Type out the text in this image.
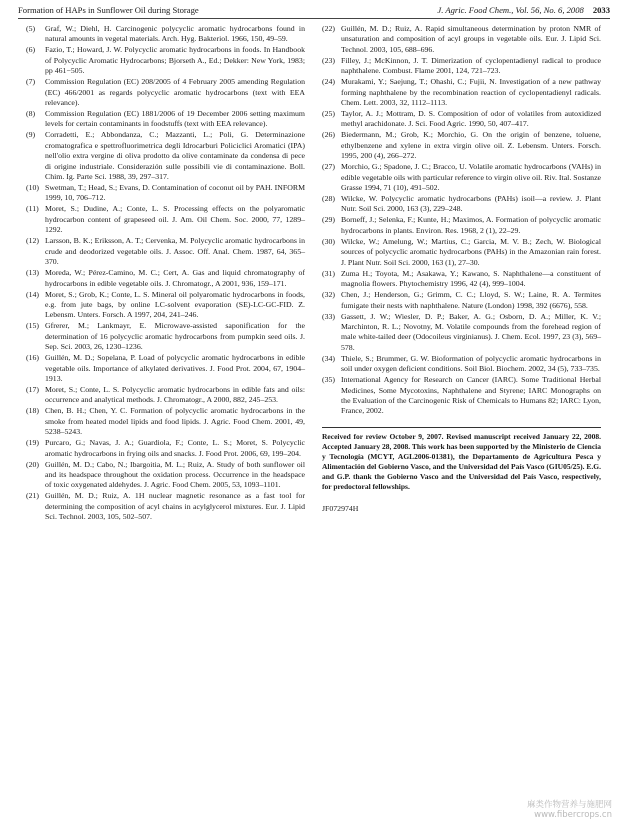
Formation of HAPs in Sunflower Oil during Storage	J. Agric. Food Chem., Vol. 56, No. 6, 2008 2033
(5) Graf, W.; Diehl, H. Carcinogenic polycyclic aromatic hydrocarbons found in natural amounts in vegetal materials. Arch. Hyg. Bakteriol. 1966, 150, 49–59.
(6) Fazio, T.; Howard, J. W. Polycyclic aromatic hydrocarbons in foods. In Handbook of Polycyclic Aromatic Hydrocarbons; Bjorseth A., Ed.; Dekker: New York, 1983; pp 461−505.
(7) Commission Regulation (EC) 208/2005 of 4 February 2005 amending Regulation (EC) 466/2001 as regards polycyclic aromatic hydrocarbons (text with EEA relevance).
(8) Commission Regulation (EC) 1881/2006 of 19 December 2006 setting maximum levels for certain contaminants in foodstuffs (text with EEA relevance).
(9) Corradetti, E.; Abbondanza, C.; Mazzanti, L.; Poli, G. Determinazione cromatografica e spettrofluorimetrica degli Idrocarburi Policiclici Aromatici (IPA) nell'olio extra vergine di oliva prodotto da olive contaminate da condensa di pece di origine industriale. Considerazión sulle possibili vie di contaminazione. Boll. Chim. Ig. Parte Sci. 1988, 39, 297–317.
(10) Swetman, T.; Head, S.; Evans, D. Contamination of coconut oil by PAH. INFORM 1999, 10, 706–712.
(11) Moret, S.; Dudine, A.; Conte, L. S. Processing effects on the polyaromatic hydrocarbon content of grapeseed oil. J. Am. Oil Chem. Soc. 2000, 77, 1289–1292.
(12) Larsson, B. K.; Eriksson, A. T.; Cervenka, M. Polycyclic aromatic hydrocarbons in crude and deodorized vegetable oils. J. Assoc. Off. Anal. Chem. 1987, 64, 365–370.
(13) Moreda, W.; Pérez-Camino, M. C.; Cert, A. Gas and liquid chromatography of hydrocarbons in edible vegetable oils. J. Chromatogr., A 2001, 936, 159–171.
(14) Moret, S.; Grob, K.; Conte, L. S. Mineral oil polyaromatic hydrocarbons in foods, e.g. from jute bags, by online LC-solvent evaporation (SE)-LC-GC-FID. Z. Lebensm. Unters. Forsch. A 1997, 204, 241–246.
(15) Gfrerer, M.; Lankmayr, E. Microwave-assisted saponification for the determination of 16 polycyclic aromatic hydrocarbons from pumpkin seed oils. J. Sep. Sci. 2003, 26, 1230–1236.
(16) Guillén, M. D.; Sopelana, P. Load of polycyclic aromatic hydrocarbons in edible vegetable oils. Importance of alkylated derivatives. J. Food Prot. 2004, 67, 1904–1913.
(17) Moret, S.; Conte, L. S. Polycyclic aromatic hydrocarbons in edible fats and oils: occurrence and analytical methods. J. Chromatogr., A 2000, 882, 245–253.
(18) Chen, B. H.; Chen, Y. C. Formation of polycyclic aromatic hydrocarbons in the smoke from heated model lipids and food lipids. J. Agric. Food Chem. 2001, 49, 5238–5243.
(19) Purcaro, G.; Navas, J. A.; Guardiola, F.; Conte, L. S.; Moret, S. Polycyclic aromatic hydrocarbons in frying oils and snacks. J. Food Prot. 2006, 69, 199–204.
(20) Guillén, M. D.; Cabo, N.; Ibargoitia, M. L.; Ruiz, A. Study of both sunflower oil and its headspace throughout the oxidation process. Occurrence in the headspace of toxic oxygenated aldehydes. J. Agric. Food Chem. 2005, 53, 1093–1101.
(21) Guillén, M. D.; Ruiz, A. 1H nuclear magnetic resonance as a fast tool for determining the composition of acyl chains in acylglycerol mixtures. Eur. J. Lipid Sci. Technol. 2003, 105, 502–507.
(22) Guillén, M. D.; Ruiz, A. Rapid simultaneous determination by proton NMR of unsaturation and composition of acyl groups in vegetable oils. Eur. J. Lipid Sci. Technol. 2003, 105, 688–696.
(23) Filley, J.; McKinnon, J. T. Dimerization of cyclopentadienyl radical to produce naphthalene. Combust. Flame 2001, 124, 721–723.
(24) Murakami, Y.; Saejung, T.; Ohashi, C.; Fujii, N. Investigation of a new pathway forming naphthalene by the recombination reaction of cyclopentadienyl radicals. Chem. Lett. 2003, 32, 1112–1113.
(25) Taylor, A. J.; Mottram, D. S. Composition of odor of volatiles from autoxidized methyl arachidonate. J. Sci. Food Agric. 1990, 50, 407–417.
(26) Biedermann, M.; Grob, K.; Morchio, G. On the origin of benzene, toluene, ethylbenzene and xylene in extra virgin olive oil. Z. Lebensm. Unters. Forsch. 1995, 200 (4), 266–272.
(27) Morchio, G.; Spadone, J. C.; Bracco, U. Volatile aromatic hydrocarbons (VAHs) in edible vegetable oils with particular reference to virgin olive oil. Riv. Ital. Sostanze Grasse 1994, 71 (10), 491–502.
(28) Wilcke, W. Polycyclic aromatic hydrocarbons (PAHs) isoil—a review. J. Plant Nutr. Soil Sci. 2000, 163 (3), 229–248.
(29) Borneff, J.; Selenka, F.; Kunte, H.; Maximos, A. Formation of polycyclic aromatic hydrocarbons in plants. Environ. Res. 1968, 2 (1), 22–29.
(30) Wilcke, W.; Amelung, W.; Martius, C.; Garcia, M. V. B.; Zech, W. Biological sources of polycyclic aromatic hydrocarbons (PAHs) in the Amazonian rain forest. J. Plant Nutr. Soil Sci. 2000, 163 (1), 27–30.
(31) Zuma H.; Toyota, M.; Asakawa, Y.; Kawano, S. Naphthalene—a constituent of magnolia flowers. Phytochemistry 1996, 42 (4), 999–1004.
(32) Chen, J.; Henderson, G.; Grimm, C. C.; Lloyd, S. W.; Laine, R. A. Termites fumigate their nests with naphthalene. Nature (London) 1998, 392 (6676), 558.
(33) Gassett, J. W.; Wiesler, D. P.; Baker, A. G.; Osborn, D. A.; Miller, K. V.; Marchinton, R. L.; Novotny, M. Volatile compounds from the forehead region of male white-tailed deer (Odocoileus virginianus). J. Chem. Ecol. 1997, 23 (3), 569–578.
(34) Thiele, S.; Brummer, G. W. Bioformation of polycyclic aromatic hydrocarbons in soil under oxygen deficient conditions. Soil Biol. Biochem. 2002, 34 (5), 733–735.
(35) International Agency for Research on Cancer (IARC). Some Traditional Herbal Medicines, Some Mycotoxins, Naphthalene and Styrene; IARC Monographs on the Evaluation of the Carcinogenic Risk of Chemicals to Humans 82; IARC: Lyon, France, 2002.
Received for review October 9, 2007. Revised manuscript received January 22, 2008. Accepted January 28, 2008. This work has been supported by the Ministerio de Ciencia y Tecnología (MCYT, AGL2006-01381), the Departamento de Agricultura Pesca y Alimentación del Gobierno Vasco, and the Universidad del País Vasco (GIU05/25). E.G. and G.P. thank the Gobierno Vasco and the Universidad del País Vasco, respectively, for predoctoral fellowships.
JF072974H
麻类作物营养与施肥网
www.fibercrops.cn
